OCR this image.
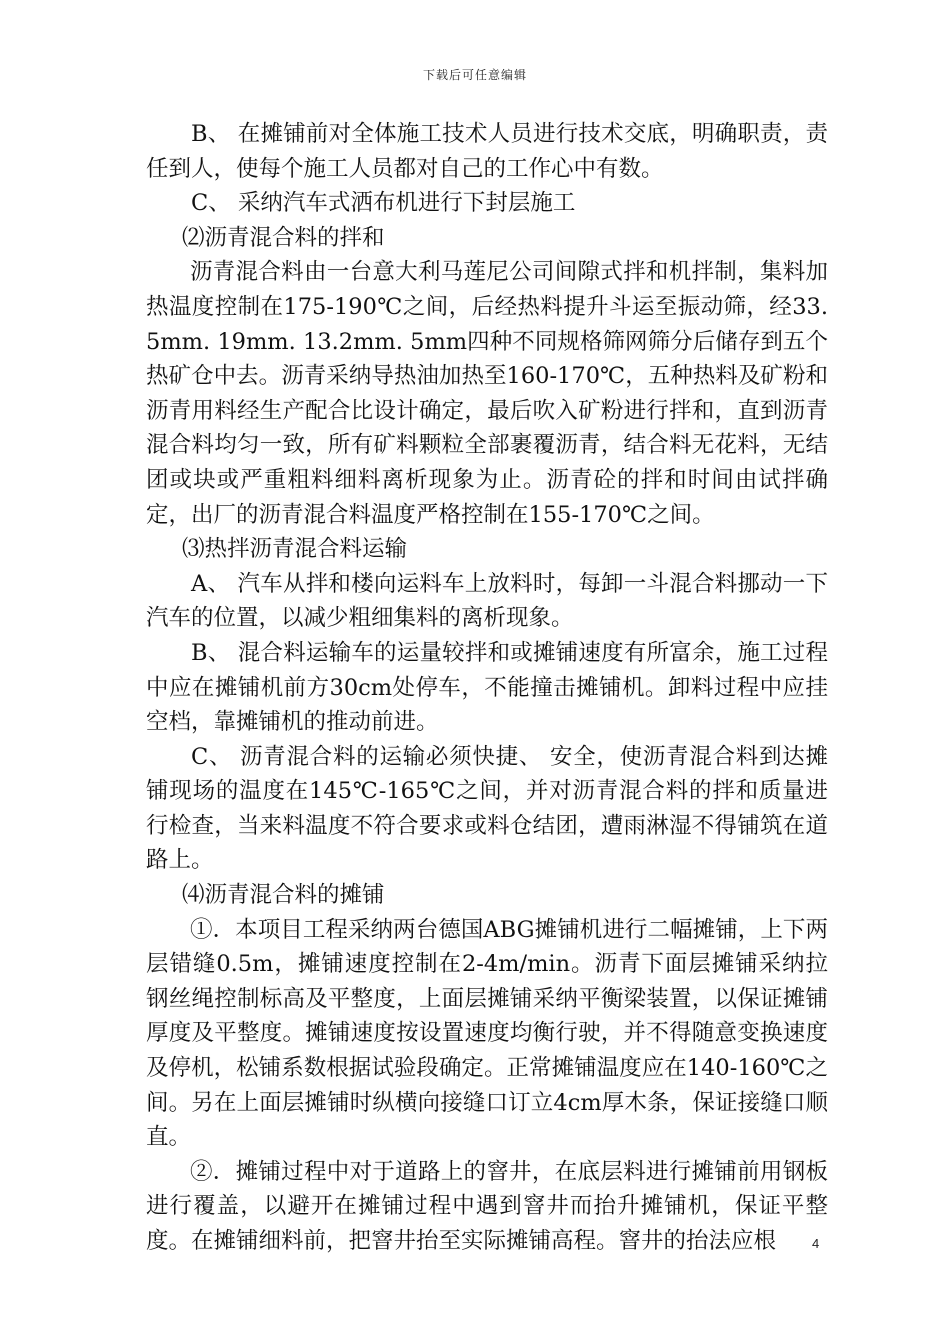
下载后可任意编辑

B、 在摊铺前对全体施工技术人员进行技术交底，明确职责，责任到人，使每个施工人员都对自己的工作心中有数。

C、 采纳汽车式洒布机进行下封层施工

⑵沥青混合料的拌和

沥青混合料由一台意大利马莲尼公司间隙式拌和机拌制，集料加热温度控制在175-190℃之间，后经热料提升斗运至振动筛，经33.5mm. 19mm. 13.2mm. 5mm四种不同规格筛网筛分后储存到五个热矿仓中去。沥青采纳导热油加热至160-170℃，五种热料及矿粉和沥青用料经生产配合比设计确定，最后吹入矿粉进行拌和，直到沥青混合料均匀一致，所有矿料颗粒全部裹覆沥青，结合料无花料，无结团或块或严重粗料细料离析现象为止。沥青砼的拌和时间由试拌确定，出厂的沥青混合料温度严格控制在155-170℃之间。

⑶热拌沥青混合料运输

A、 汽车从拌和楼向运料车上放料时，每卸一斗混合料挪动一下汽车的位置，以减少粗细集料的离析现象。

B、 混合料运输车的运量较拌和或摊铺速度有所富余，施工过程中应在摊铺机前方30cm处停车，不能撞击摊铺机。卸料过程中应挂空档，靠摊铺机的推动前进。

C、 沥青混合料的运输必须快捷、 安全，使沥青混合料到达摊铺现场的温度在145℃-165℃之间，并对沥青混合料的拌和质量进行检查，当来料温度不符合要求或料仓结团，遭雨淋湿不得铺筑在道路上。

⑷沥青混合料的摊铺

①．本项目工程采纳两台德国ABG摊铺机进行二幅摊铺，上下两层错缝0.5m，摊铺速度控制在2-4m/min。沥青下面层摊铺采纳拉钢丝绳控制标高及平整度，上面层摊铺采纳平衡梁装置，以保证摊铺厚度及平整度。摊铺速度按设置速度均衡行驶，并不得随意变换速度及停机，松铺系数根据试验段确定。正常摊铺温度应在140-160℃之间。另在上面层摊铺时纵横向接缝口订立4cm厚木条，保证接缝口顺直。

②．摊铺过程中对于道路上的窨井，在底层料进行摊铺前用钢板进行覆盖，以避开在摊铺过程中遇到窨井而抬升摊铺机，保证平整度。在摊铺细料前，把窨井抬至实际摊铺高程。窨井的抬法应根	4
